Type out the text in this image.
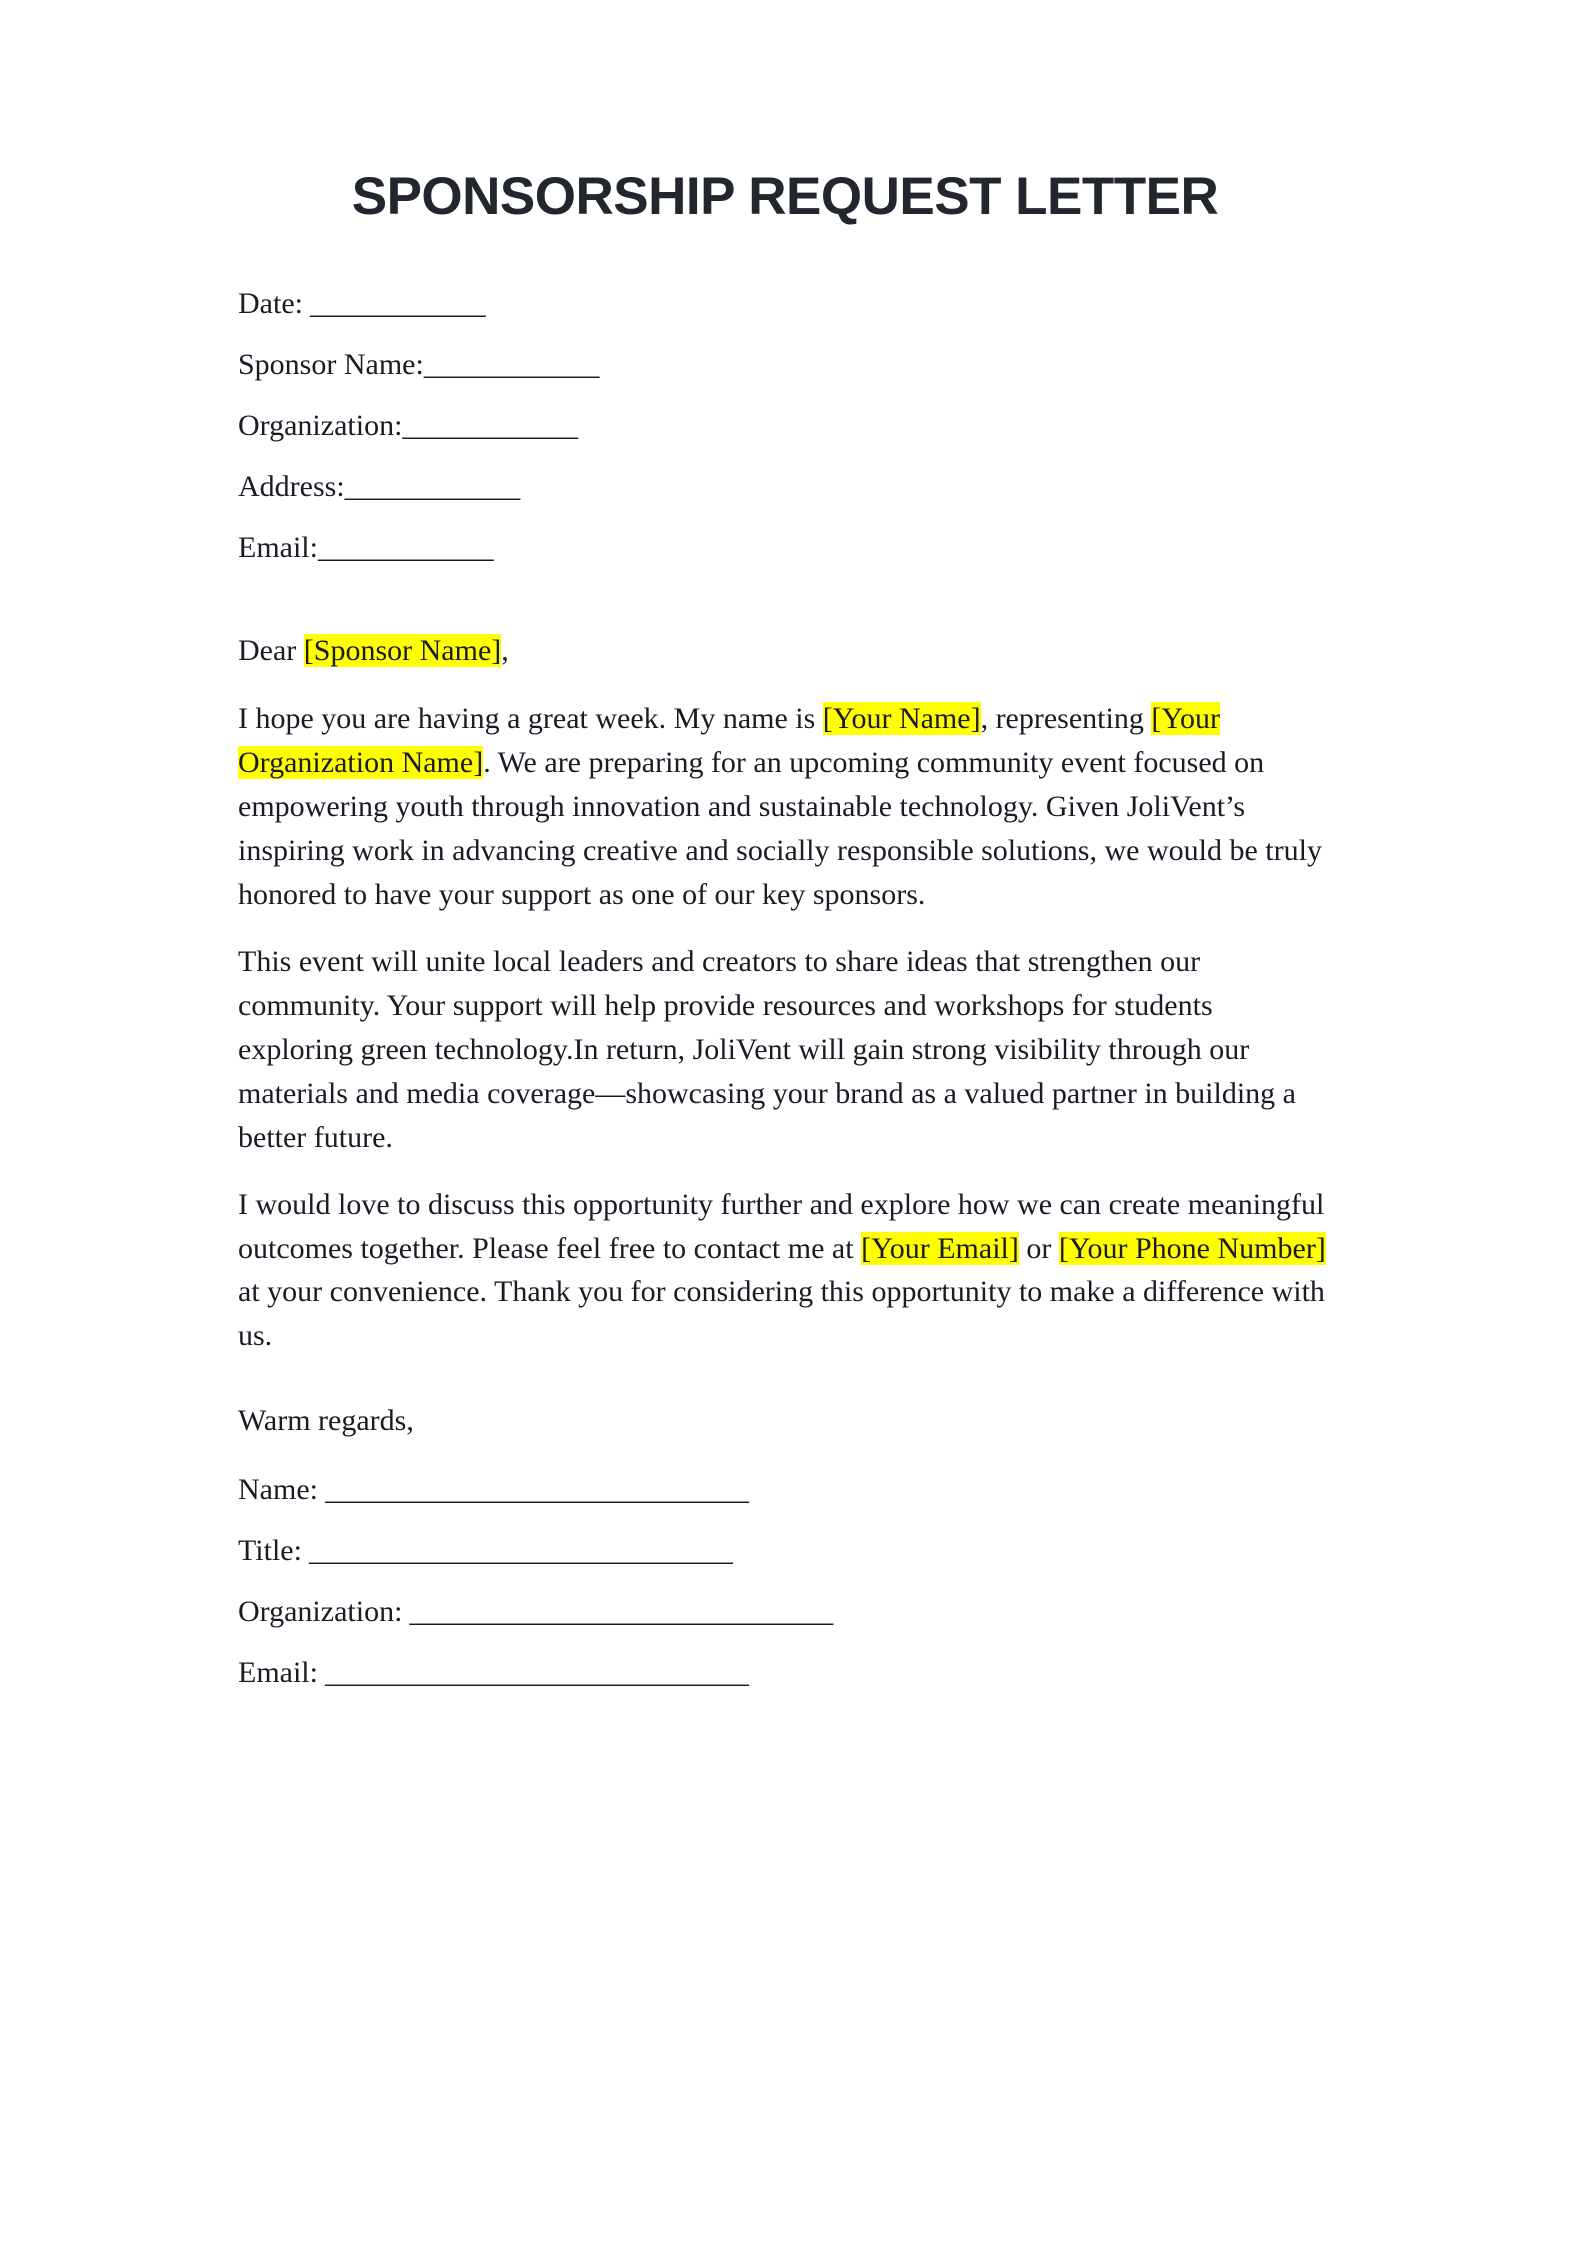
SPONSORSHIP REQUEST LETTER
Date: ____________
Sponsor Name:____________
Organization:____________
Address:____________
Email:____________

Dear [Sponsor Name],

I hope you are having a great week. My name is [Your Name], representing [Your Organization Name]. We are preparing for an upcoming community event focused on empowering youth through innovation and sustainable technology. Given JoliVent’s inspiring work in advancing creative and socially responsible solutions, we would be truly honored to have your support as one of our key sponsors.

This event will unite local leaders and creators to share ideas that strengthen our community. Your support will help provide resources and workshops for students exploring green technology.In return, JoliVent will gain strong visibility through our materials and media coverage—showcasing your brand as a valued partner in building a better future.

I would love to discuss this opportunity further and explore how we can create meaningful outcomes together. Please feel free to contact me at [Your Email] or [Your Phone Number] at your convenience. Thank you for considering this opportunity to make a difference with us.

Warm regards,

Name: _____________________________
Title: _____________________________
Organization: _____________________________
Email: _____________________________
